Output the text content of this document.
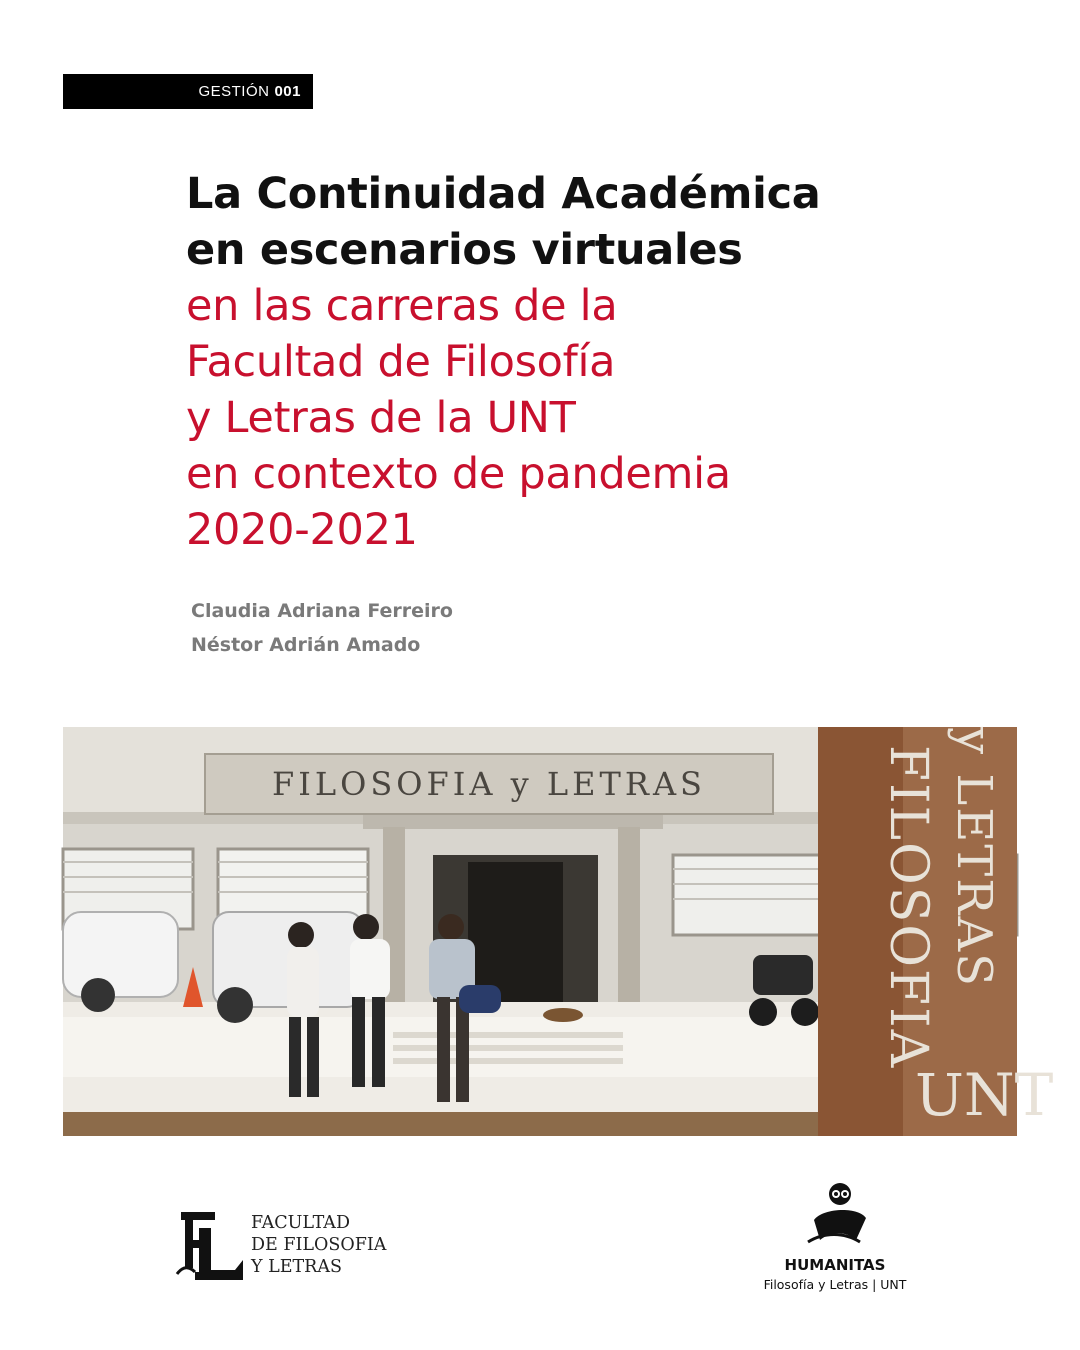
GESTIÓN 001
La Continuidad Académica
en escenarios virtuales
en las carreras de la
Facultad de Filosofía
y Letras de la UNT
en contexto de pandemia
2020-2021
Claudia Adriana Ferreiro
Néstor Adrián Amado
FILOSOFIA y LETRAS	FILOSOFIA y LETRAS
UNT
FACULTAD
DE FILOSOFIA
Y LETRAS	HUMANITAS
Filosofía y Letras | UNT
